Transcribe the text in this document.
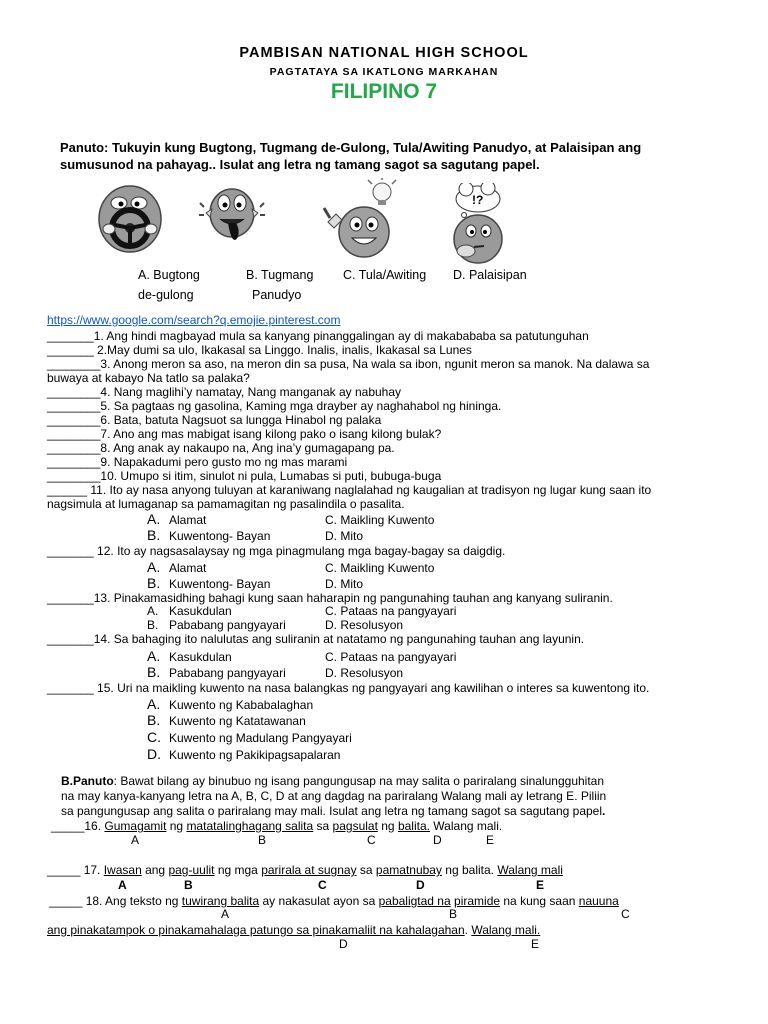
PAMBISAN NATIONAL HIGH SCHOOL
PAGTATAYA SA IKATLONG MARKAHAN
FILIPINO 7
Panuto: Tukuyin kung Bugtong, Tugmang de-Gulong, Tula/Awiting Panudyo, at Palaisipan ang
sumusunod na pahayag.. Isulat ang letra ng tamang sagot sa sagutang papel.
!?
A. Bugtong
de-gulong
B. Tugmang
Panudyo
C. Tula/Awiting D. Palaisipan
https://www.google.com/search?q.emojie.pinterest.com
_______1. Ang hindi magbayad mula sa kanyang pinanggalingan ay di makabababa sa patutunguhan
_______ 2.May dumi sa ulo, Ikakasal sa Linggo. Inalis, inalis, Ikakasal sa Lunes
________3. Anong meron sa aso, na meron din sa pusa, Na wala sa ibon, ngunit meron sa manok. Na dalawa sa
buwaya at kabayo Na tatlo sa palaka?
________4. Nang maglihi’y namatay, Nang manganak ay nabuhay
________5. Sa pagtaas ng gasolina, Kaming mga drayber ay naghahabol ng hininga.
________6. Bata, batuta Nagsuot sa lungga Hinabol ng palaka
________7. Ano ang mas mabigat isang kilong pako o isang kilong bulak?
________8. Ang anak ay nakaupo na, Ang ina’y gumagapang pa.
________9. Napakadumi pero gusto mo ng mas marami
________10. Umupo si itim, sinulot ni pula, Lumabas si puti, bubuga-buga
______ 11. Ito ay nasa anyong tuluyan at karaniwang naglalahad ng kaugalian at tradisyon ng lugar kung saan ito
nagsimula at lumaganap sa pamamagitan ng pasalindila o pasalita.
A. Alamat	C. Maikling Kuwento
B. Kuwentong- Bayan	D. Mito
_______ 12. Ito ay nagsasalaysay ng mga pinagmulang mga bagay-bagay sa daigdig.
A. Alamat	C. Maikling Kuwento
B. Kuwentong- Bayan	D. Mito
_______13. Pinakamasidhing bahagi kung saan haharapin ng pangunahing tauhan ang kanyang suliranin.
A. Kasukdulan	C. Pataas na pangyayari
B. Pababang pangyayari	D. Resolusyon
_______14. Sa bahaging ito nalulutas ang suliranin at natatamo ng pangunahing tauhan ang layunin.
A. Kasukdulan	C. Pataas na pangyayari
B. Pababang pangyayari	D. Resolusyon
_______ 15. Uri na maikling kuwento na nasa balangkas ng pangyayari ang kawilihan o interes sa kuwentong ito.
A. Kuwento ng Kababalaghan
B. Kuwento ng Katatawanan
C. Kuwento ng Madulang Pangyayari
D. Kuwento ng Pakikipagsapalaran
B.Panuto: Bawat bilang ay binubuo ng isang pangungusap na may salita o pariralang sinalungguhitan
na may kanya-kanyang letra na A, B, C, D at ang dagdag na pariralang Walang mali ay letrang E. Piliin
sa pangungusap ang salita o pariralang may mali. Isulat ang letra ng tamang sagot sa sagutang papel.
_____16. Gumagamit ng matatalinghagang salita sa pagsulat ng balita. Walang mali.
A	B	C	D	E
_____ 17. Iwasan ang pag-uulit ng mga parirala at sugnay sa pamatnubay ng balita. Walang mali
A	B	C	D	E
_____ 18. Ang teksto ng tuwirang balita ay nakasulat ayon sa pabaligtad na piramide na kung saan nauuna
A	B	C
ang pinakatampok o pinakamahalaga patungo sa pinakamaliit na kahalagahan. Walang mali.
D	E
